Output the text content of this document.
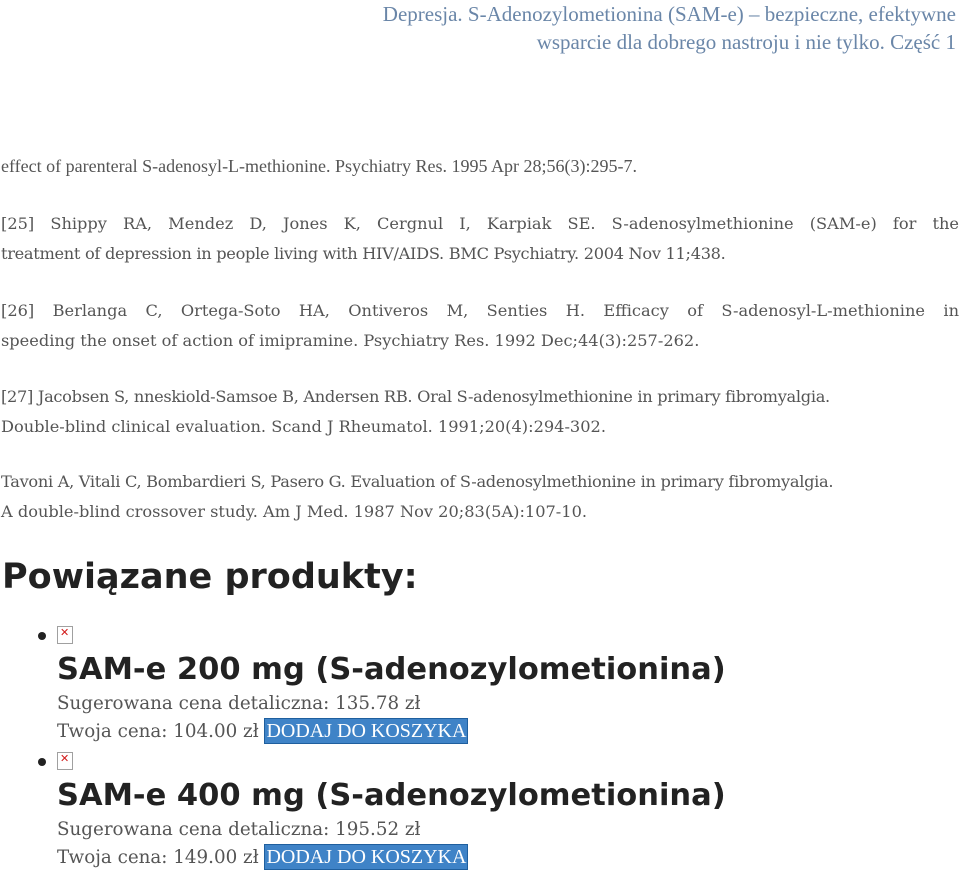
Depresja. S-Adenozylometionina (SAM-e) – bezpieczne, efektywne
wsparcie dla dobrego nastroju i nie tylko. Część 1

effect of parenteral S-adenosyl-L-methionine. Psychiatry Res. 1995 Apr 28;56(3):295-7.

[25] Shippy RA, Mendez D, Jones K, Cergnul I, Karpiak SE. S-adenosylmethionine (SAM-e) for the

treatment of depression in people living with HIV/AIDS. BMC Psychiatry. 2004 Nov 11;438.

[26] Berlanga C, Ortega-Soto HA, Ontiveros M, Senties H. Efficacy of S-adenosyl-L-methionine in

speeding the onset of action of imipramine. Psychiatry Res. 1992 Dec;44(3):257-262.

[27] Jacobsen S, nneskiold-Samsoe B, Andersen RB. Oral S-adenosylmethionine in primary fibromyalgia.

Double-blind clinical evaluation. Scand J Rheumatol. 1991;20(4):294-302.

Tavoni A, Vitali C, Bombardieri S, Pasero G. Evaluation of S-adenosylmethionine in primary fibromyalgia.

A double-blind crossover study. Am J Med. 1987 Nov 20;83(5A):107-10.

Powiązane produkty:
✕
SAM-e 200 mg (S-adenozylometionina)
Sugerowana cena detaliczna: 135.78 zł
Twoja cena: 104.00 zł DODAJ DO KOSZYKA
✕
SAM-e 400 mg (S-adenozylometionina)
Sugerowana cena detaliczna: 195.52 zł
Twoja cena: 149.00 zł DODAJ DO KOSZYKA
